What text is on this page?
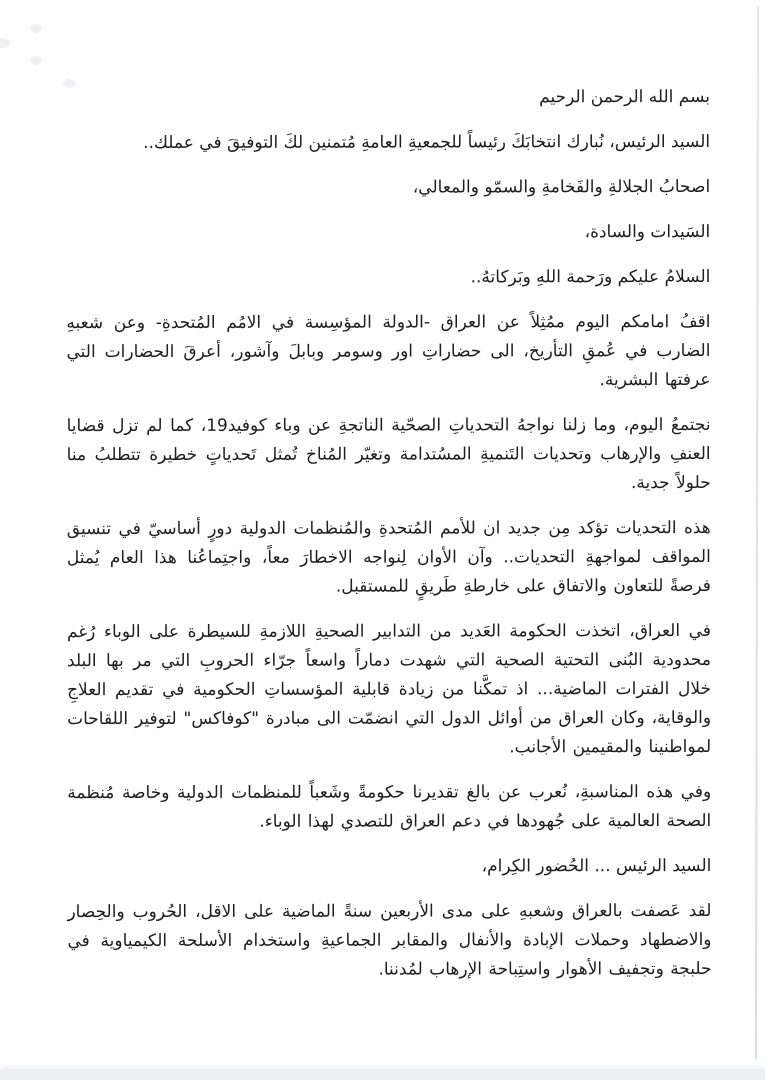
بسم الله الرحمن الرحيم

السيد الرئيس، نُبارك انتخابَكَ رئيساً للجمعيةِ العامةِ مُتمنين لكَ التوفيقَ في عملك..

اصحابُ الجلالةِ والفَخامةِ والسمّو والمعالي،

السَيدات والسادة،

السلامُ عليكم ورَحمة اللهِ وبَركاتهُ..

اقفُ امامكم اليوم ممُثِلاً عن العراق -الدولة المؤسِسة في الامُم المُتحدةِ- وعن شعبهِ الضارب في عُمقِ التأريخ، الى حضاراتِ اور وسومر وبابلَ وآشور، أعرقَ الحضارات التي عرفتها البشرية.

نجتمعُ اليوم، وما زلنا نواجهُ التحدياتِ الصحّية الناتجةِ عن وباء كوفيد19، كما لم تزل قضايا العنفِ والإرهاب وتحديات التَنميةِ المسُتدامة وتغيّر المُناخ تُمثل تَحدياتٍ خطيرة تتطلبُ منا حلولاً جدية.

هذه التحديات تؤكد مِن جديد ان للأمم المُتحدةِ والمُنظمات الدولية دورٍ أساسيّ في تنسيق المواقف لمواجهةِ التحديات.. وآن الأوان لِنواجه الاخطارَ معاً، واجتِماعُنا هذا العام يُمثل فرصةً للتعاون والاتفاق على خارطةِ طَريقٍ للمستقبل.

في العراق، اتخذت الحكومة العَديد من التدابير الصحيةِ اللازمةِ للسيطرة على الوباء رُغم محدودية البُنى التحتية الصحية التي شهدت دماراً واسعاً جرّاء الحروبِ التي مر بها البلد خلال الفترات الماضية... اذ تمكَّنا من زيادة قابلية المؤسساتِ الحكومية في تقديم العلاجِ والوقاية، وكان العراق من أوائل الدول التي انضمّت الى مبادرة "كوفاكس" لتوفير اللقاحات لمواطنينا والمقيمين الأجانب.

وفي هذه المناسبةِ، نُعرب عن بالغ تقديرنا حكومةً وشَعباً للمنظمات الدولية وخاصة مُنظمة الصحة العالمية على جُهودها في دعم العراق للتصدي لهذا الوباء.

السيد الرئيس ... الحُضور الكِرام،

لقد عَصفت بالعراق وشعبهِ على مدى الأربعين سنةً الماضية على الاقل، الحُروب والحِصار والاضطهاد وحملات الإبادة والأنفال والمقابر الجماعيةِ واستخدام الأسلحة الكيمياوية في حلبجة وتجفيف الأهوار واستِباحة الإرهاب لمُدننا.
